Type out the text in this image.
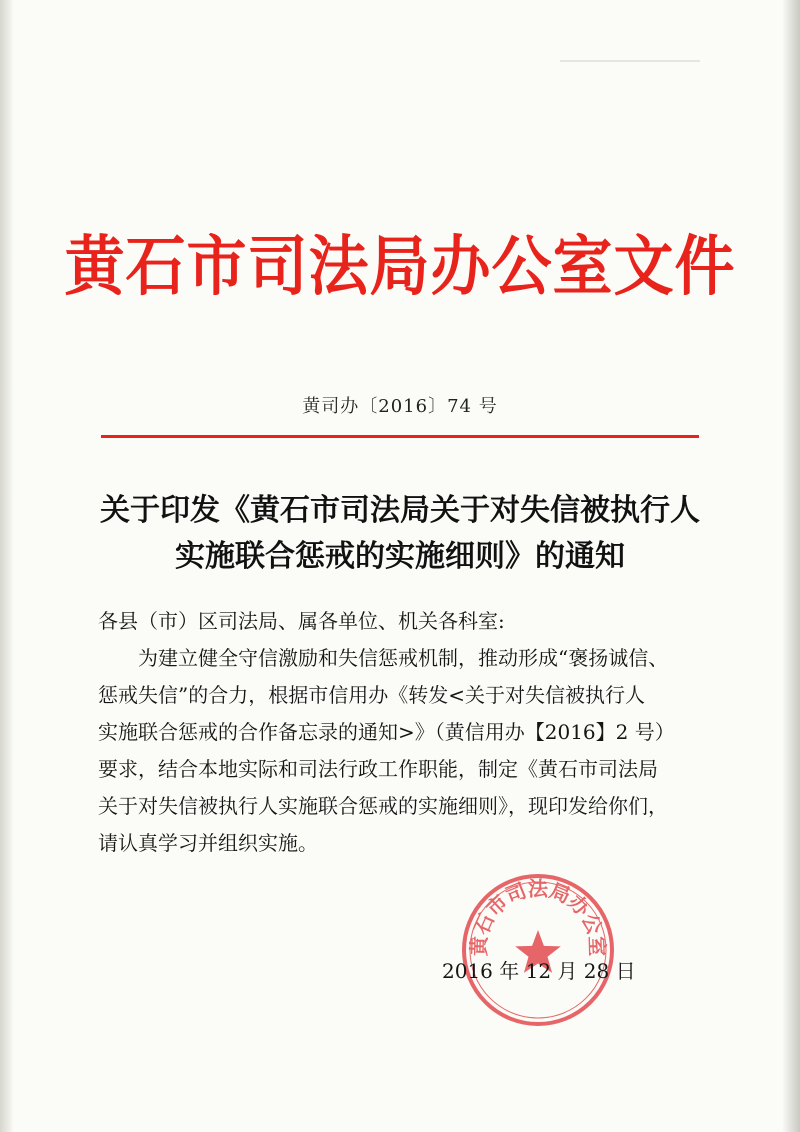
黄石市司法局办公室文件
黄司办〔2016〕74 号
关于印发《黄石市司法局关于对失信被执行人
实施联合惩戒的实施细则》的通知
各县（市）区司法局、属各单位、机关各科室:
为建立健全守信激励和失信惩戒机制，推动形成“褒扬诚信、
惩戒失信”的合力，根据市信用办《转发<关于对失信被执行人
实施联合惩戒的合作备忘录的通知>》（黄信用办【2016】2 号）
要求，结合本地实际和司法行政工作职能，制定《黄石市司法局
关于对失信被执行人实施联合惩戒的实施细则》，现印发给你们，
请认真学习并组织实施。
黄石市司法局办公室
2016 年 12 月 28 日
